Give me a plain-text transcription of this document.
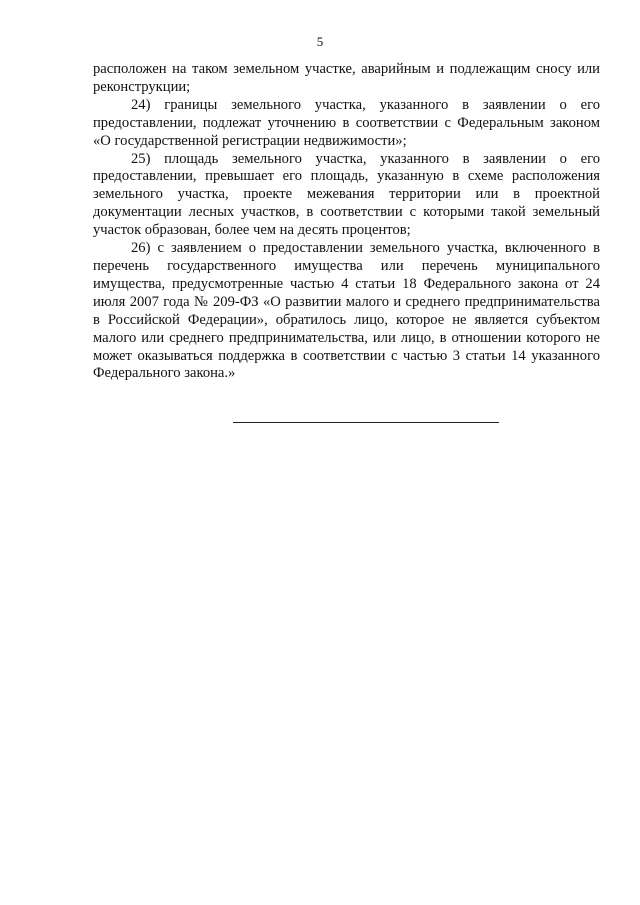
5

расположен на таком земельном участке, аварийным и подлежащим сносу или реконструкции;

24) границы земельного участка, указанного в заявлении о его предоставлении, подлежат уточнению в соответствии с Федеральным законом «О государственной регистрации недвижимости»;

25) площадь земельного участка, указанного в заявлении о его предоставлении, превышает его площадь, указанную в схеме расположения земельного участка, проекте межевания территории или в проектной документации лесных участков, в соответствии с которыми такой земельный участок образован, более чем на десять процентов;

26) с заявлением о предоставлении земельного участка, включенного в перечень государственного имущества или перечень муниципального имущества, предусмотренные частью 4 статьи 18 Федерального закона от 24 июля 2007 года № 209-ФЗ «О развитии малого и среднего предпринимательства в Российской Федерации», обратилось лицо, которое не является субъектом малого или среднего предпринимательства, или лицо, в отношении которого не может оказываться поддержка в соответствии с частью 3 статьи 14 указанного Федерального закона.»
